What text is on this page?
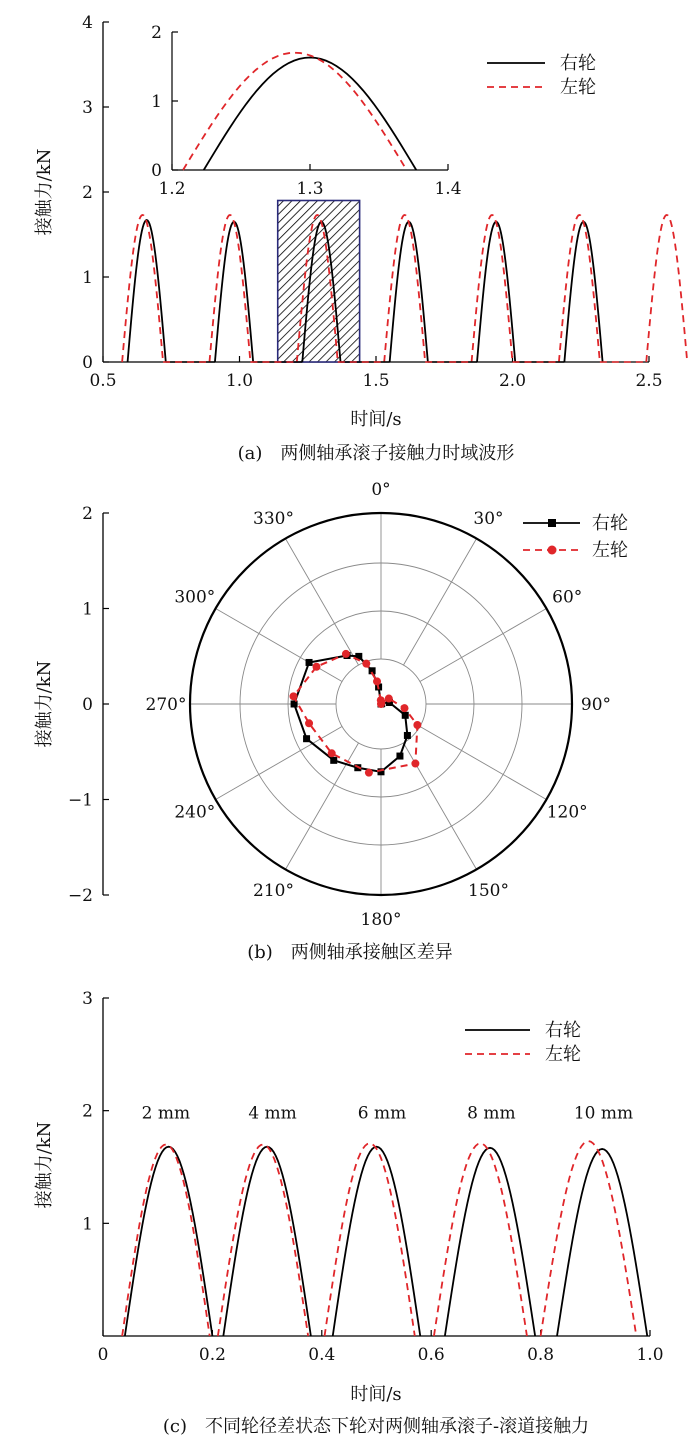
0
1
2
3
4
0.5	1.0	1.5	2.0	2.5
0
1
2
1.2	1.3	1.4
右轮
左轮
接触力/kN
时间/s
(a)　两侧轴承滚子接触力时域波形
2
1
0
−1
−2
0°
30°
60°
90°
120°
150°
180°
210°
240°
270°
300°
330°	右轮
左轮
接触力/kN
(b)　两侧轴承接触区差异
1
2
3
0	0.2	0.4	0.6	0.8	1.0
2 mm	4 mm	6 mm	8 mm	10 mm
右轮
左轮
接触力/kN
时间/s
(c)　不同轮径差状态下轮对两侧轴承滚子-滚道接触力
